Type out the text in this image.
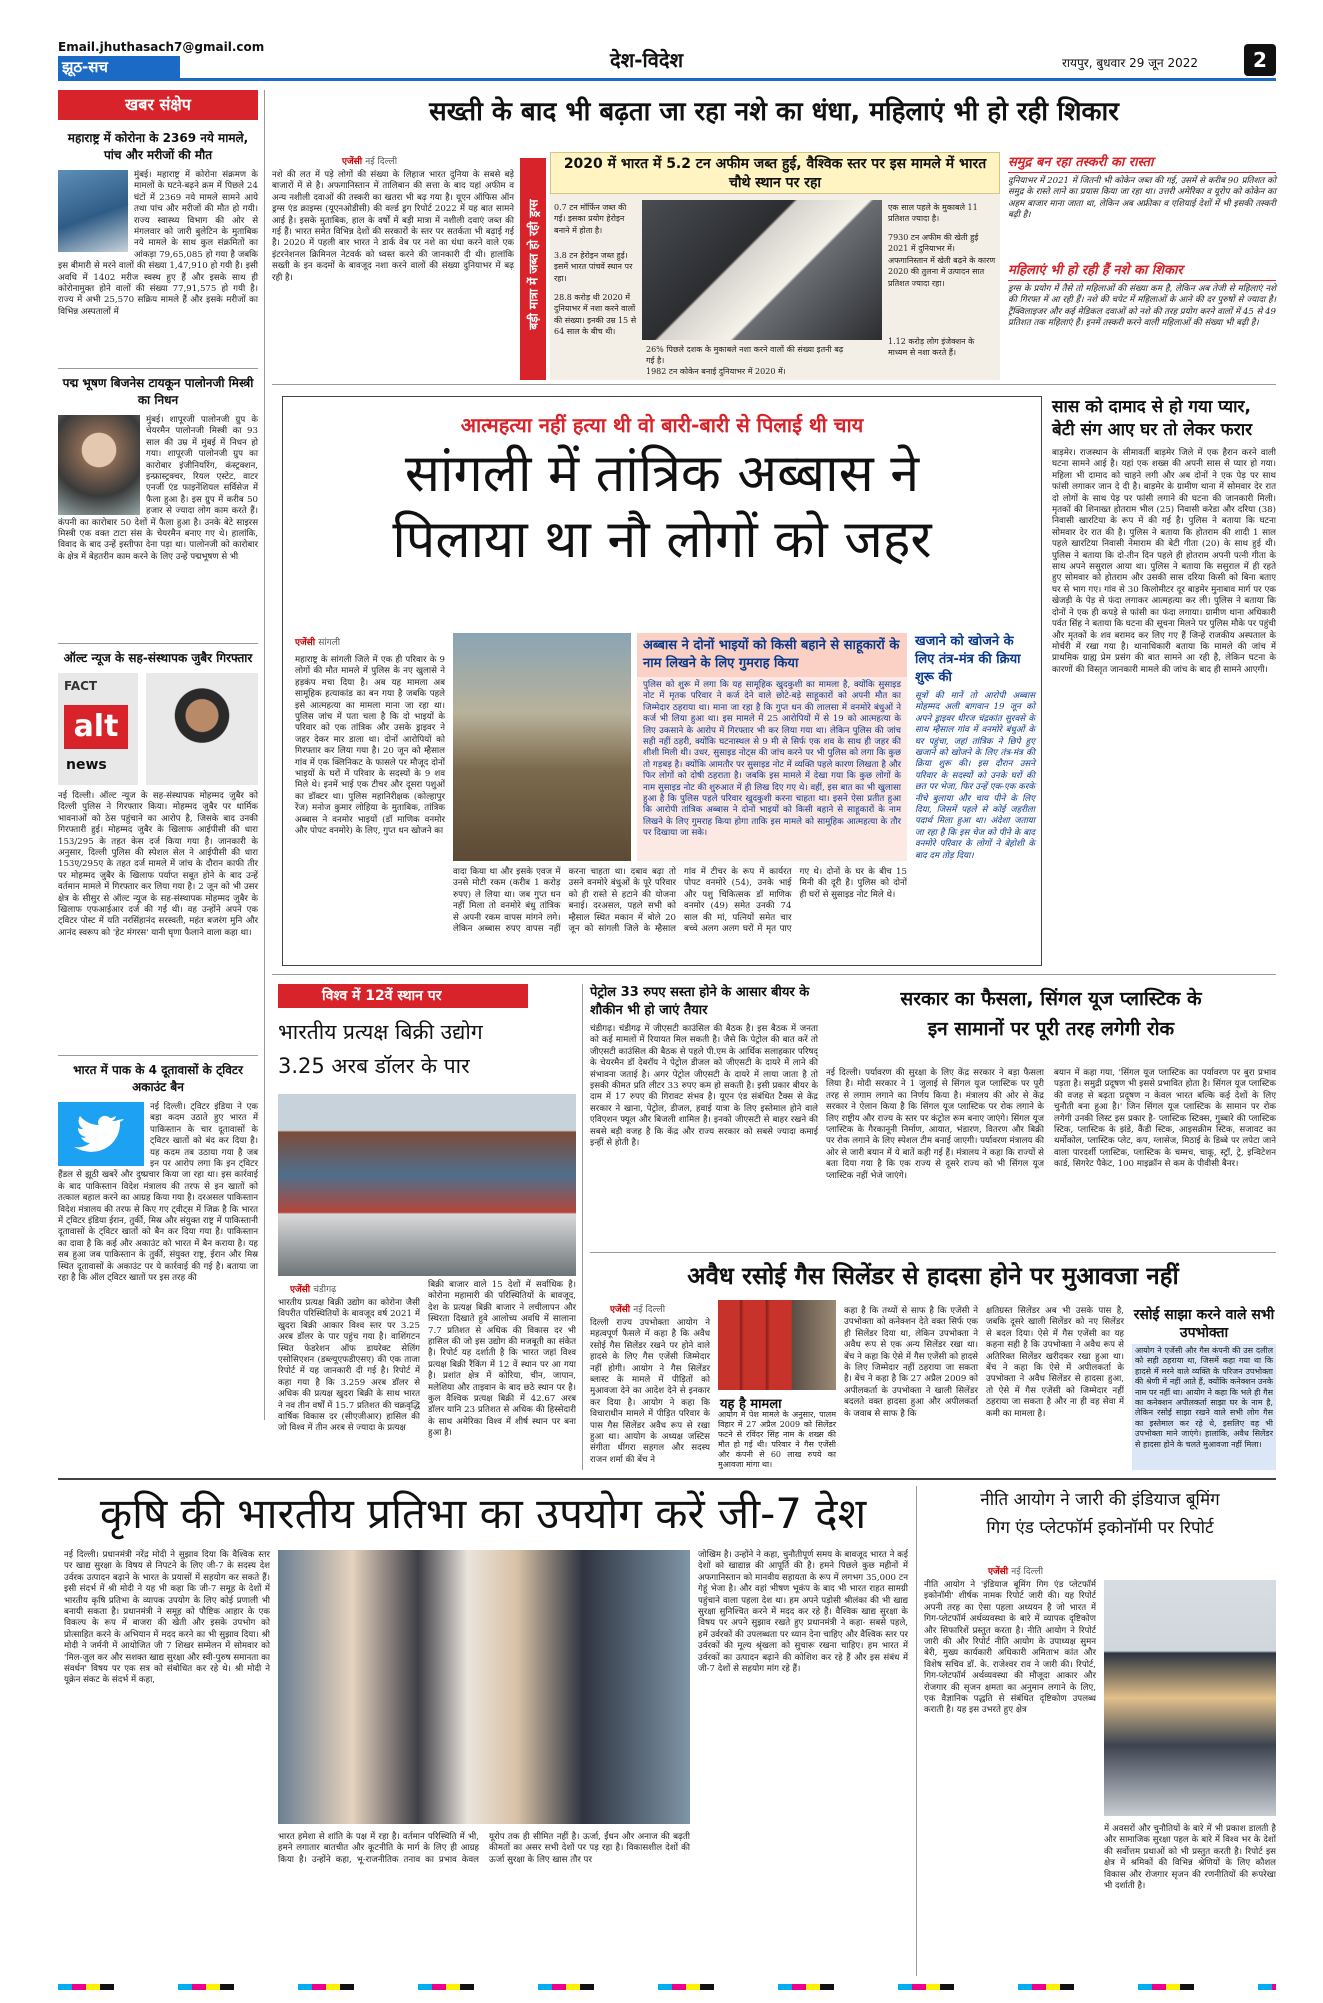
Email.jhuthasach7@gmail.com
झूठ-सच	देश-विदेश	रायपुर, बुधवार 29 जून 2022	2
खबर संक्षेप
महाराष्ट्र में कोरोना के 2369 नये मामले, पांच और मरीजों की मौत
मुंबई। महाराष्ट्र में कोरोना संक्रमण के मामलों के घटने-बढ़ने क्रम में पिछले 24 घंटों में 2369 नये मामले सामने आये तथा पांच और मरीजों की मौत हो गयी। राज्य स्वास्थ्य विभाग की ओर से मंगलवार को जारी बुलेटिन के मुताबिक नये मामले के साथ कुल संक्रमितों का आंकड़ा 79,65,085 हो गया है जबकि इस बीमारी से मरने वालों की संख्या 1,47,910 हो गयी है। इसी अवधि में 1402 मरीज स्वस्थ हुए हैं और इसके साथ ही कोरोनामुक्त होने वालों की संख्या 77,91,575 हो गयी है। राज्य में अभी 25,570 सक्रिय मामले हैं और इसके मरीजों का विभिन्न अस्पतालों में
पद्म भूषण बिजनेस टायकून पालोनजी मिस्त्री का निधन
मुंबई। शापूरजी पालोनजी ग्रुप के चेयरमैन पालोनजी मिस्त्री का 93 साल की उम्र में मुंबई में निधन हो गया। शापूरजी पालोनजी ग्रुप का कारोबार इंजीनियरिंग, कंस्ट्रक्शन, इन्फ्रास्ट्रक्चर, रियल एस्टेट, वाटर एनर्जी एंड फाइनेंशियल सर्विसेज में फैला हुआ है। इस ग्रुप में करीब 50 हजार से ज्यादा लोग काम करते हैं। कंपनी का कारोबार 50 देशों में फैला हुआ है। उनके बेटे साइरस मिस्त्री एक वक्त टाटा संस के चेयरमैन बनाए गए थे। हालांकि, विवाद के बाद उन्हें इस्तीफा देना पड़ा था। पालोनजी को कारोबार के क्षेत्र में बेहतरीन काम करने के लिए उन्हें पद्मभूषण से भी
ऑल्ट न्यूज के सह-संस्थापक जुबैर गिरफ्तार
FACT
alt
news
नई दिल्ली। ऑल्ट न्यूज के सह-संस्थापक मोहम्मद जुबैर को दिल्ली पुलिस ने गिरफ्तार किया। मोहम्मद जुबैर पर धार्मिक भावनाओं को ठेस पहुंचाने का आरोप है, जिसके बाद उनकी गिरफ्तारी हुई। मोहम्मद जुबैर के खिलाफ आईपीसी की धारा 153/295 के तहत केस दर्ज किया गया है। जानकारी के अनुसार, दिल्ली पुलिस की स्पेशल सेल ने आईपीसी की धारा 153ए/295ए के तहत दर्ज मामले में जांच के दौरान काफी तीर पर मोहम्मद जुबैर के खिलाफ पर्याप्त सबूत होने के बाद उन्हें वर्तमान मामले में गिरफ्तार कर लिया गया है। 2 जून को भी उसर क्षेत्र के सीसुर से ऑल्ट न्यूज के सह-संस्थापक मोहम्मद जुबैर के खिलाफ एफआईआर दर्ज की गई थी। वह उन्होंने अपने एक ट्विटर पोस्ट में यति नरसिंहानंद सरस्वती, महंत बजरंग मुनि और आनंद स्वरूप को 'हेट मंगरस' यानी घृणा फैलाने वाला कहा था।
भारत में पाक के 4 दूतावासों के ट्विटर अकाउंट बैन
नई दिल्ली। ट्विटर इंडिया ने एक बड़ा कदम उठाते हुए भारत में पाकिस्तान के चार दूतावासों के ट्विटर खातों को बंद कर दिया है। यह कदम तब उठाया गया है जब इन पर आरोप लगा कि इन ट्विटर हैंडल से झूठी खबरें और दुष्प्रचार किया जा रहा था। इस कार्रवाई के बाद पाकिस्तान विदेश मंत्रालय की तरफ से इन खातों को तत्काल बहाल करने का आग्रह किया गया है। दरअसल पाकिस्तान विदेश मंत्रालय की तरफ से किए गए ट्वीट्स में जिक्र है कि भारत में ट्विटर इंडिया ईरान, तुर्की, मिस्र और संयुक्त राष्ट्र में पाकिस्तानी दूतावासों के ट्विटर खातों को बैन कर दिया गया है। पाकिस्तान का दावा है कि कई और अकाउंट को भारत में बैन कराया है। यह सब हुआ जब पाकिस्तान के तुर्की, संयुक्त राष्ट्र, ईरान और मिस्र स्थित दूतावासों के अकाउंट पर ये कार्रवाई की गई है। बताया जा रहा है कि ऑल ट्विटर खातों पर इस तरह की
सख्ती के बाद भी बढ़ता जा रहा नशे का धंधा, महिलाएं भी हो रही शिकार
एजेंसी नई दिल्ली
नशे की लत में पड़े लोगों की संख्या के लिहाज भारत दुनिया के सबसे बड़े बाजारों में से है। अफगानिस्तान में तालिबान की सत्ता के बाद यहां अफीम व अन्य नशीली दवाओं की तस्करी का खतरा भी बढ़ गया है। यूएन ऑफिस ऑन ड्रग्स एंड क्राइम्स (यूएनओडीसी) की वर्ल्ड ड्रग रिपोर्ट 2022 में यह बात सामने आई है। इसके मुताबिक, हाल के वर्षों में बड़ी मात्रा में नशीली दवाएं जब्त की गई हैं। भारत समेत विभिन्न देशों की सरकारों के स्तर पर सतर्कता भी बढ़ाई गई है। 2020 में पहली बार भारत ने डार्क वेब पर नशे का धंधा करने वाले एक इंटरनेशनल क्रिमिनल नेटवर्क को ध्वस्त करने की जानकारी दी थी। हालांकि सख्ती के इन कदमों के बावजूद नशा करने वालों की संख्या दुनियाभर में बढ़ रही है।	बड़ी मात्रा में जब्त हो रही ड्रग्स
2020 में भारत में 5.2 टन अफीम जब्त हुई, वैश्विक स्तर पर इस मामले में भारत चौथे स्थान पर रहा
0.7 टन मॉर्फिन जब्त की गई। इसका प्रयोग हेरोइन बनाने में होता है।
3.8 टन हेरोइन जब्त हुई। इसमें भारत पांचवें स्थान पर रहा।
28.8 करोड़ थी 2020 में दुनियाभर में नशा करने वालों की संख्या। इनकी उम्र 15 से 64 साल के बीच थी।
26% पिछले दशक के मुकाबले नशा करने वालों की संख्या इतनी बढ़ गई है।
1982 टन कोकेन बनाई दुनियाभर में 2020 में।
एक साल पहले के मुकाबले 11 प्रतिशत ज्यादा है।
7930 टन अफीम की खेती हुई 2021 में दुनियाभर में। अफगानिस्तान में खेती बढ़ने के कारण 2020 की तुलना में उत्पादन सात प्रतिशत ज्यादा रहा।
1.12 करोड़ लोग इंजेक्शन के माध्यम से नशा करते हैं।
समुद्र बन रहा तस्करी का रास्ता
दुनियाभर में 2021 में जितनी भी कोकेन जब्त की गई, उसमें से करीब 90 प्रतिशत को समुद्र के रास्ते लाने का प्रयास किया जा रहा था। उत्तरी अमेरिका व यूरोप को कोकेन का अहम बाजार माना जाता था, लेकिन अब अफ्रीका व एशियाई देशों में भी इसकी तस्करी बढ़ी है।
महिलाएं भी हो रही हैं नशे का शिकार
ड्रग्स के प्रयोग में तैसे तो महिलाओं की संख्या कम है, लेकिन अब तेजी से महिलाएं नशे की गिरफ्त में आ रही हैं। नशे की चपेट में महिलाओं के आने की दर पुरुषों से ज्यादा है। ट्रैंक्विलाइजर और कई मेडिकल दवाओं को नशे की तरह प्रयोग करने वालों में 45 से 49 प्रतिशत तक महिलाएं हैं। इनमें तस्करी करने वाली महिलाओं की संख्या भी बढ़ी है।
आत्महत्या नहीं हत्या थी वो बारी-बारी से पिलाई थी चाय
सांगली में तांत्रिक अब्बास ने
पिलाया था नौ लोगों को जहर
एजेंसी सांगली
महाराष्ट्र के सांगली जिले में एक ही परिवार के 9 लोगों की मौत मामले में पुलिस के नए खुलासे ने हड़कंप मचा दिया है। अब यह मामला अब सामूहिक हत्याकांड का बन गया है जबकि पहले इसे आत्महत्या का मामला माना जा रहा था। पुलिस जांच में पता चला है कि दो भाइयों के परिवार को एक तांत्रिक और उसके ड्राइवर ने जहर देकर मार डाला था। दोनों आरोपियों को गिरफ्तार कर लिया गया है। 20 जून को म्हैसाल गांव में एक क्लिनिकट के फासले पर मौजूद दोनों भाइयों के घरों में परिवार के सदस्यों के 9 शव मिले थे। इनमें भाई एक टीचर और दूसरा पशुओं का डॉक्टर था। पुलिस महानिरीक्षक (कोल्हापुर रेंज) मनोज कुमार लोहिया के मुताबिक, तांत्रिक अब्बास ने वनमोर भाइयों (डॉ माणिक वनमोर और पोपट वनमोरे) के लिए, गुप्त धन खोजने का
अब्बास ने दोनों भाइयों को किसी बहाने से साहूकारों के नाम लिखने के लिए गुमराह किया
पुलिस को शुरू में लगा कि यह सामूहिक खुदकुशी का मामला है, क्योंकि सुसाइड नोट में मृतक परिवार ने कर्ज देने वाले छोटे-बड़े साहूकारों को अपनी मौत का जिम्मेदार ठहराया था। माना जा रहा है कि गुप्त धन की लालसा में वनमोरे बंधुओं ने कर्ज भी लिया हुआ था। इस मामले में 25 आरोपियों में से 19 को आत्महत्या के लिए उकसाने के आरोप में गिरफ्तार भी कर लिया गया था। लेकिन पुलिस की जांच सही नहीं ठहरी, क्योंकि घटनास्थल से 9 मी से सिर्फ एक शव के साथ ही जहर की शीशी मिली थी। उधर, सुसाइड नोट्स की जांच करने पर भी पुलिस को लगा कि कुछ तो गड़बड़ है। क्योंकि आमतौर पर सुसाइड नोट में व्यक्ति पहले कारण लिखता है और फिर लोगों को दोषी ठहराता है। जबकि इस मामले में देखा गया कि कुछ लोगों के नाम सुसाइड नोट की शुरुआत में ही लिख दिए गए थे। वहीं, इस बात का भी खुलासा हुआ है कि पुलिस पहले परिवार खुदकुशी करना चाहता था। इसने ऐसा प्रतीत हुआ कि आरोपी तांत्रिक अब्बास ने दोनों भाइयों को किसी बहाने से साहूकारों के नाम लिखने के लिए गुमराह किया होगा ताकि इस मामले को सामूहिक आत्महत्या के तौर पर दिखाया जा सके।
खजाने को खोजने के लिए तंत्र-मंत्र की क्रिया शुरू की
सूत्रों की मानें तो आरोपी अब्बास मोहम्मद अली बागवान 19 जून को अपने ड्राइवर धीरज चंद्रकांत सुरवसे के साथ म्हैसाल गांव में वनमोरे बंधुओं के घर पहुंचा, जहां तांत्रिक ने छिपे हुए खजाने को खोजने के लिए तंत्र-मंत्र की क्रिया शुरू की। इस दौरान उसने परिवार के सदस्यों को उनके घरों की छत पर भेजा, फिर उन्हें एक-एक करके नीचे बुलाया और चाय पीने के लिए दिया, जिसमें पहले से कोई जहरीला पदार्थ मिला हुआ था। अंदेशा जताया जा रहा है कि इस चेज को पीने के बाद वनमोरे परिवार के लोगों ने बेहोशी के बाद दम तोड़ दिया।
वादा किया था और इसके एवज में उनसे मोटी रकम (करीब 1 करोड़ रुपए) ले लिया था। जब गुप्त धन नहीं मिला तो वनमोरे बंधु तांत्रिक से अपनी रकम वापस मांगने लगे। लेकिन अब्बास रुपए वापस नहीं करना चाहता था। दबाव बढ़ा तो उसने वनमोरे बंधुओं के पूरे परिवार को ही रास्ते से हटाने की योजना बनाई। दरअसल, पहले सभी को म्हैसाल स्थित मकान में बोले 20 जून को सांगली जिले के म्हैसाल गांव में टीचर के रूप में कार्यरत पोपट वनमोरे (54), उनके भाई और पशु चिकित्सक डॉ माणिक वनमोर (49) समेत उनकी 74 साल की मां, पत्नियों समेत चार बच्चे अलग अलग घरों में मृत पाए गए थे। दोनों के घर के बीच 15 मिनी की दूरी है। पुलिस को दोनों ही घरों से सुसाइड नोट मिले थे।
सास को दामाद से हो गया प्यार, बेटी संग आए घर तो लेकर फरार
बाड़मेर। राजस्थान के सीमावर्ती बाड़मेर जिले में एक हैरान करने वाली घटना सामने आई है। यहां एक शख्स की अपनी सास से प्यार हो गया। महिला भी दामाद को चाहने लगी और अब दोनों ने एक पेड़ पर साथ फांसी लगाकर जान दे दी है। बाड़मेर के ग्रामीण थाना में सोमवार देर रात दो लोगों के साथ पेड़ पर फांसी लगाने की घटना की जानकारी मिली। मृतकों की शिनाख्त होतराम भील (25) निवासी करेडा और दरिया (38) निवासी खारटिया के रूप में की गई है। पुलिस ने बताया कि घटना सोमवार देर रात की है। पुलिस ने बताया कि होतराम की शादी 1 साल पहले खारटिया निवासी नेमाराम की बेटी गीता (20) के साथ हुई थी। पुलिस ने बताया कि दो-तीन दिन पहले ही होतराम अपनी पत्नी गीता के साथ अपने ससुराल आया था। पुलिस ने बताया कि ससुराल में ही रहते हुए सोमवार को होतराम और उसकी सास दरिया किसी को बिना बताए घर से भाग गए। गांव से 30 किलोमीटर दूर बाड़मेर मुनाबाव मार्ग पर एक खेजड़ी के पेड़ से फंदा लगाकर आत्महत्या कर ली। पुलिस ने बताया कि दोनों ने एक ही कपड़े से फांसी का फंदा लगाया। ग्रामीण थाना अधिकारी पर्वत सिंह ने बताया कि घटना की सूचना मिलने पर पुलिस मौके पर पहुंची और मृतकों के शव बरामद कर लिए गए हैं जिन्हें राजकीय अस्पताल के मोर्चरी में रखा गया है। थानाधिकारी बताया कि मामले की जांच में प्राथमिक ग्राह्य प्रेम प्रसंग की बात सामने आ रही है, लेकिन घटना के कारणों की विस्तृत जानकारी मामले की जांच के बाद ही सामने आएगी।
विश्व में 12वें स्थान पर
भारतीय प्रत्यक्ष बिक्री उद्योग
3.25 अरब डॉलर के पार
एजेंसी चंडीगढ़
भारतीय प्रत्यक्ष बिक्री उद्योग का कोरोना जैसी विपरीत परिस्थितियों के बावजूद वर्ष 2021 में खुदरा बिक्री आकार विश्व स्तर पर 3.25 अरब डॉलर के पार पहुंच गया है। वाशिंगटन स्थित फेडरेशन ऑफ डायरेक्ट सेलिंग एसोसिएशन (डब्ल्यूएफडीएसए) की एक ताजा रिपोर्ट में यह जानकारी दी गई है। रिपोर्ट में कहा गया है कि 3.259 अरब डॉलर से अधिक की प्रत्यक्ष खुदरा बिक्री के साथ भारत ने नव तीन वर्षों में 15.7 प्रतिशत की चक्रवृद्धि वार्षिक विकास दर (सीएजीआर) हासिल की जो विश्व में तीन अरब से ज्यादा के प्रत्यक्ष
बिक्री बाजार वाले 15 देशों में सर्वाधिक है। कोरोना महामारी की परिस्थितियों के बावजूद, देश के प्रत्यक्ष बिक्री बाजार ने लचीलापन और स्थिरता दिखाते हुवे आलोच्य अवधि में सालाना 7.7 प्रतिशत से अधिक की विकास दर भी हासिल की जो इस उद्योग की मजबूती का संकेत है। रिपोर्ट यह दर्शाती है कि भारत जहां विश्व प्रत्यक्ष बिक्री रैंकिंग में 12 वें स्थान पर आ गया है। प्रशांत क्षेत्र में कोरिया, चीन, जापान, मलेशिया और ताइवान के बाद छठे स्थान पर है। कुल वैश्विक प्रत्यक्ष बिक्री में 42.67 अरब डॉलर यानि 23 प्रतिशत से अधिक की हिस्सेदारी के साथ अमेरिका विश्व में शीर्ष स्थान पर बना हुआ है।
पेट्रोल 33 रुपए सस्ता होने के आसार बीयर के शौकीन भी हो जाएं तैयार
चंडीगढ़। चंडीगढ़ में जीएसटी काउंसिल की बैठक है। इस बैठक में जनता को कई मामलों में रियायत मिल सकती है। जैसे कि पेट्रोल की बात करें तो जीएसटी काउंसिल की बैठक से पहले पी.एम के आर्थिक सलाहकार परिषद् के चेयरमैन डॉ देबरॉय ने पेट्रोल डीजल को जीएसटी के दायरे में लाने की संभावना जताई है। अगर पेट्रोल जीएसटी के दायरे में लाया जाता है तो इसकी कीमत प्रति लीटर 33 रुपए कम हो सकती है। इसी प्रकार बीयर के दाम में 17 रुपए की गिरावट संभव है। यूएन एंड संबंधित टैक्स से केंद्र सरकार ने खाना, पेट्रोल, डीजल, हवाई यात्रा के लिए इस्तेमाल होने वाले एविएशन फ्यूल और बिजली शामिल है। इनको जीएसटी से बाहर रखने की सबसे बड़ी वजह है कि केंद्र और राज्य सरकार को सबसे ज्यादा कमाई इन्हीं से होती है।
सरकार का फैसला, सिंगल यूज प्लास्टिक के
इन सामानों पर पूरी तरह लगेगी रोक
नई दिल्ली। पर्यावरण की सुरक्षा के लिए केंद्र सरकार ने बड़ा फैसला लिया है। मोदी सरकार ने 1 जुलाई से सिंगल यूज प्लास्टिक पर पूरी तरह से लगाम लगाने का निर्णय किया है। मंत्रालय की ओर से केंद्र सरकार ने ऐलान किया है कि सिंगल यूज प्लास्टिक पर रोक लगाने के लिए राष्ट्रीय और राज्य के स्तर पर कंट्रोल रूम बनाए जाएंगे। सिंगल यूज प्लास्टिक के गैरकानूनी निर्माण, आयात, भंडारण, वितरण और बिक्री पर रोक लगाने के लिए स्पेशल टीम बनाई जाएगी। पर्यावरण मंत्रालय की ओर से जारी बयान में ये बातें कही गई हैं। मंत्रालय ने कहा कि राज्यों से बता दिया गया है कि एक राज्य से दूसरे राज्य को भी सिंगल यूज प्लास्टिक नहीं भेजे जाएंगे।
बयान में कहा गया, 'सिंगल यूज प्लास्टिक का पर्यावरण पर बुरा प्रभाव पड़ता है। समुद्री प्रदूषण भी इससे प्रभावित होता है। सिंगल यूज प्लास्टिक की वजह से बढ़ता प्रदूषण न केवल भारत बल्कि कई देशों के लिए चुनौती बना हुआ है।' जिन सिंगल यूज प्लास्टिक के सामान पर रोक लगेगी उनकी लिस्ट इस प्रकार है- प्लास्टिक स्टिक्स, गुब्बारे की प्लास्टिक स्टिक, प्लास्टिक के झंडे, कैंडी स्टिक, आइसक्रीम स्टिक, सजावट का थर्मोकोल, प्लास्टिक प्लेट, कप, ग्लासेज, मिठाई के डिब्बे पर लपेटा जाने वाला पारदर्शी प्लास्टिक, प्लास्टिक के चम्मच, चाकू, स्ट्रॉ, ट्रे, इन्विटेशन कार्ड, सिगरेट पैकेट, 100 माइक्रॉन से कम के पीवीसी बैनर।
अवैध रसोई गैस सिलेंडर से हादसा होने पर मुआवजा नहीं
एजेंसी नई दिल्ली
दिल्ली राज्य उपभोक्ता आयोग ने महत्वपूर्ण फैसले में कहा है कि अवैध रसोई गैस सिलेंडर रखने पर होने वाले हादसे के लिए गैस एजेंसी जिम्मेदार नहीं होगी। आयोग ने गैस सिलेंडर ब्लास्ट के मामले में पीड़ितों को मुआवजा देने का आदेश देने से इनकार कर दिया है। आयोग ने कहा कि विचाराधीन मामले में पीड़ित परिवार के पास गैस सिलेंडर अवैध रूप से रखा हुआ था। आयोग के अध्यक्ष जस्टिस संगीता धींगरा सहगल और सदस्य राजन शर्मा की बेंच ने
यह है मामला
आयोग में पेश मामले के अनुसार, पालम विहार में 27 अप्रैल 2009 को सिलेंडर फटने से रविंदर सिंह नाम के शख्स की मौत हो गई थी। परिवार ने गैस एजेंसी और कंपनी से 60 लाख रुपये का मुआवजा मांगा था।
कहा है कि तथ्यों से साफ है कि एजेंसी ने उपभोक्ता को कनेक्शन देते वक्त सिर्फ एक ही सिलेंडर दिया था, लेकिन उपभोक्ता ने अवैध रूप से एक अन्य सिलेंडर रखा था। बेंच ने कहा कि ऐसे में गैस एजेंसी को हादसे के लिए जिम्मेदार नहीं ठहराया जा सकता है। बेंच ने कहा है कि 27 अप्रैल 2009 को अपीलकर्ता के उपभोक्ता ने खाली सिलेंडर बदलते वक्त हादसा हुआ और अपीलकर्ता के जवाब से साफ है कि
क्षतिग्रस्त सिलेंडर अब भी उसके पास है, जबकि दूसरे खाली सिलेंडर को नए सिलेंडर से बदल दिया। ऐसे में गैस एजेंसी का यह कहना सही है कि उपभोक्ता ने अवैध रूप से अतिरिक्त सिलेंडर खरीदकर रखा हुआ था। बेंच ने कहा कि ऐसे में अपीलकर्ता के उपभोक्ता ने अवैध सिलेंडर से हादसा हुआ, तो ऐसे में गैस एजेंसी को जिम्मेदार नहीं ठहराया जा सकता है और ना ही वह सेवा में कमी का मामला है।
रसोई साझा करने वाले सभी उपभोक्ता
आयोग ने एजेंसी और गैस कंपनी की उस दलील को सही ठहराया था, जिसमें कहा गया था कि हादसे में मरने वाले व्यक्ति के परिजन उपभोक्ता की श्रेणी में नहीं आते हैं, क्योंकि कनेक्शन उनके नाम पर नहीं था। आयोग ने कहा कि भले ही गैस का कनेक्शन अपीलकर्ता साझा घर के नाम है, लेकिन रसोई साझा रखने वाले सभी लोग गैस का इस्तेमाल कर रहे थे, इसलिए वह भी उपभोक्ता माने जाएंगे। हालांकि, अवैध सिलेंडर से हादसा होने के चलते मुआवजा नहीं मिला।
कृषि की भारतीय प्रतिभा का उपयोग करें जी-7 देश
नई दिल्ली। प्रधानमंत्री नरेंद्र मोदी ने सुझाव दिया कि वैश्विक स्तर पर खाद्य सुरक्षा के विषय से निपटने के लिए जी-7 के सदस्य देश उर्वरक उत्पादन बढ़ाने के भारत के प्रयासों में सहयोग कर सकते हैं। इसी संदर्भ में श्री मोदी ने यह भी कहा कि जी-7 समूह के देशों में भारतीय कृषि प्रतिभा के व्यापक उपयोग के लिए कोई प्रणाली भी बनायी सकता है। प्रधानमंत्री ने समूह को पौष्टिक आहार के एक विकल्प के रूप में बाजरा की खेती और इसके उपभोग को प्रोत्साहित करने के अभियान में मदद करने का भी सुझाव दिया। श्री मोदी ने जर्मनी में आयोजित जी 7 शिखर सम्मेलन में सोमवार को 'मिल-जुल कर और सशक्त खाद्य सुरक्षा और स्वी-पुरुष समानता का संवर्धन' विषय पर एक सत्र को संबोधित कर रहे थे। श्री मोदी ने यूक्रेन संकट के संदर्भ में कहा,
भारत हमेशा से शांति के पक्ष में रहा है। वर्तमान परिस्थिति में भी, हमने लगातार बातचीत और कूटनीति के मार्ग के लिए ही आग्रह किया है। उन्होंने कहा, भू-राजनीतिक तनाव का प्रभाव केवल यूरोप तक ही सीमित नहीं है। ऊर्जा, ईंधन और अनाज की बढ़ती कीमतों का असर सभी देशों पर पड़ रहा है। विकासशील देशों की ऊर्जा सुरक्षा के लिए खास तौर पर
जोखिम है। उन्होंने ने कहा, चुनौतीपूर्ण समय के बावजूद भारत ने कई देशों को खाद्यान्न की आपूर्ति की है। हमने पिछले कुछ महीनों में अफगानिस्तान को मानवीय सहायता के रूप में लगभग 35,000 टन गेहूं भेजा है। और वहां भीषण भूकंप के बाद भी भारत राहत सामग्री पहुंचाने वाला पहला देश था। हम अपने पड़ोसी श्रीलंका की भी खाद्य सुरक्षा सुनिश्चित करने में मदद कर रहे हैं। वैश्विक खाद्य सुरक्षा के विषय पर अपने सुझाव रखते हुए प्रधानमंत्री ने कहा- सबसे पहले, हमें उर्वरकों की उपलब्धता पर ध्यान देना चाहिए और वैश्विक स्तर पर उर्वरकों की मूल्य श्रृंखला को सुचारू रखना चाहिए। हम भारत में उर्वरकों का उत्पादन बढ़ाने की कोशिश कर रहे हैं और इस संबंध में जी-7 देशों से सहयोग मांग रहे हैं।
नीति आयोग ने जारी की इंडियाज बूमिंग
गिग एंड प्लेटफॉर्म इकोनॉमी पर रिपोर्ट
एजेंसी नई दिल्ली
नीति आयोग ने 'इंडियाज बूमिंग गिग एंड प्लेटफॉर्म इकोनॉमी' शीर्षक नामक रिपोर्ट जारी की। यह रिपोर्ट अपनी तरह का ऐसा पहला अध्ययन है जो भारत में गिग-प्लेटफॉर्म अर्थव्यवस्था के बारे में व्यापक दृष्टिकोण और सिफारिशें प्रस्तुत करता है। नीति आयोग ने रिपोर्ट जारी की और रिपोर्ट नीति आयोग के उपाध्यक्ष सुमन बेरी, मुख्य कार्यकारी अधिकारी अमिताभ कांत और विशेष सचिव डॉ. के. राजेश्वर राव ने जारी की। रिपोर्ट, गिग-प्लेटफॉर्म अर्थव्यवस्था की मौजूदा आकार और रोजगार की सृजन क्षमता का अनुमान लगाने के लिए, एक वैज्ञानिक पद्धति से संबंधित दृष्टिकोण उपलब्ध कराती है। यह इस उभरते हुए क्षेत्र
में अवसरों और चुनौतियों के बारे में भी प्रकाश डालती है और सामाजिक सुरक्षा पहल के बारे में विश्व भर के देशों की सर्वोत्तम प्रथाओं को भी प्रस्तुत करती है। रिपोर्ट इस क्षेत्र में श्रमिकों की विभिन्न श्रेणियों के लिए कौशल विकास और रोजगार सृजन की रणनीतियों की रूपरेखा भी दर्शाती है।
